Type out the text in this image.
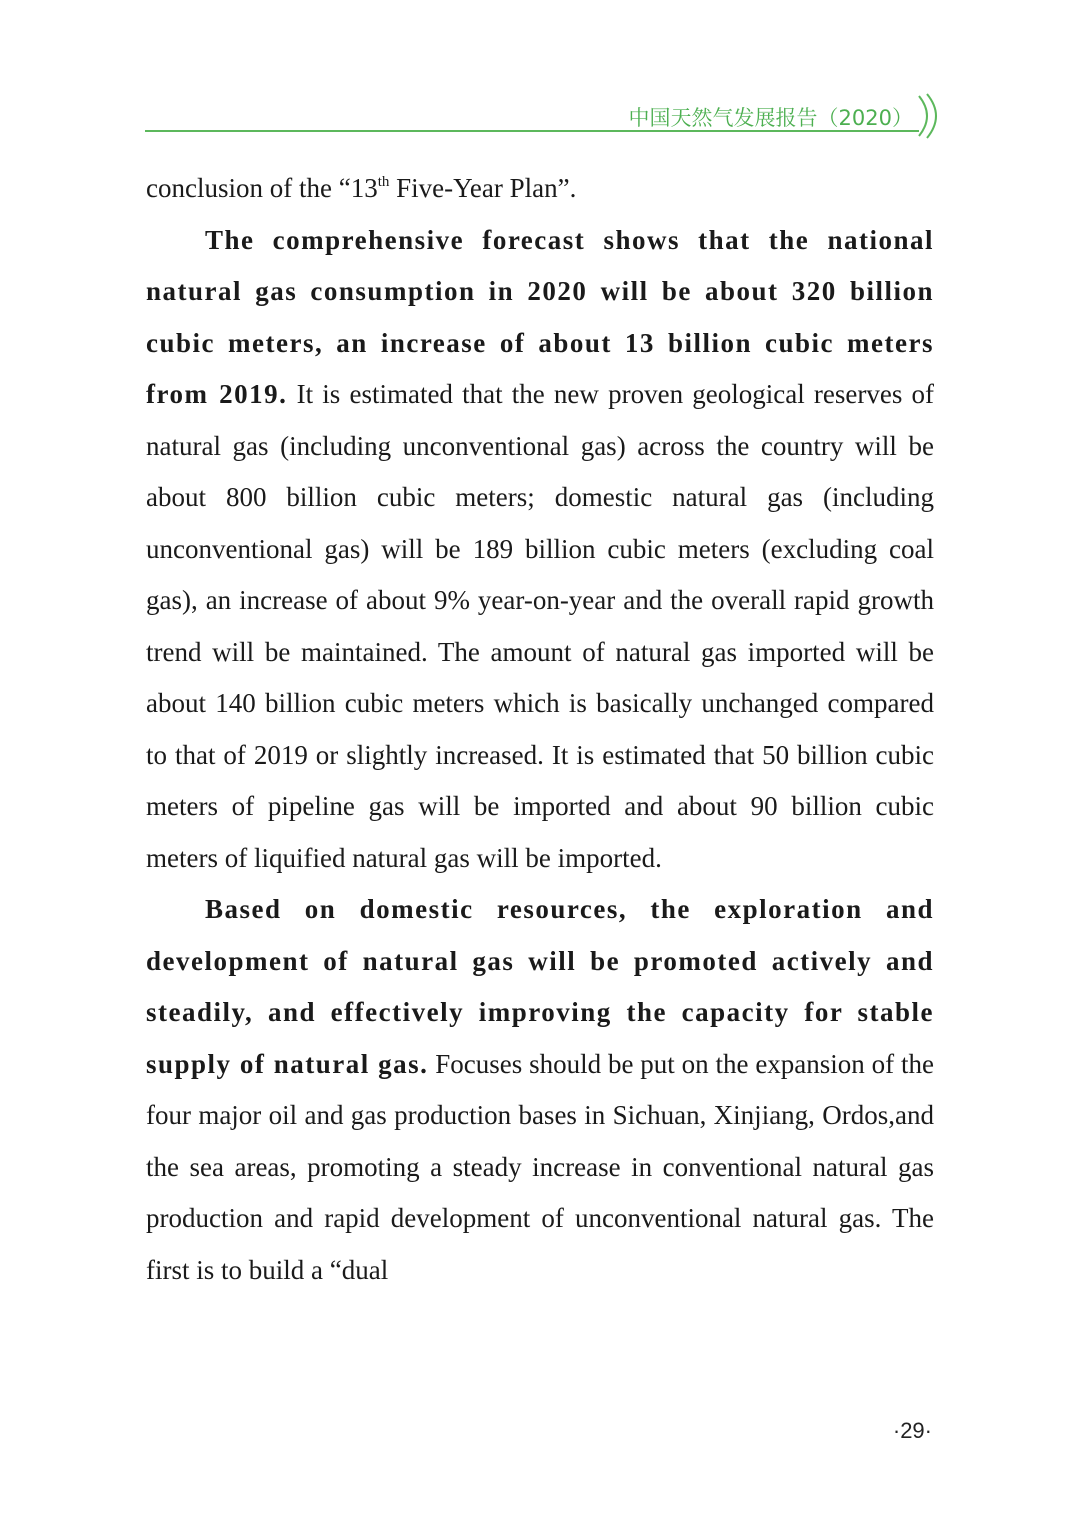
中国天然气发展报告（2020）

conclusion of the “13th Five-Year Plan”.

The comprehensive forecast shows that the national natural gas consumption in 2020 will be about 320 billion cubic meters, an increase of about 13 billion cubic meters from 2019. It is estimated that the new proven geological reserves of natural gas (including unconventional gas) across the country will be about 800 billion cubic meters; domestic natural gas (including unconventional gas) will be 189 billion cubic meters (excluding coal gas), an increase of about 9% year-on-year and the overall rapid growth trend will be maintained. The amount of natural gas imported will be about 140 billion cubic meters which is basically unchanged compared to that of 2019 or slightly increased. It is estimated that 50 billion cubic meters of pipeline gas will be imported and about 90 billion cubic meters of liquified natural gas will be imported.

Based on domestic resources, the exploration and development of natural gas will be promoted actively and steadily, and effectively improving the capacity for stable supply of natural gas. Focuses should be put on the expansion of the four major oil and gas production bases in Sichuan, Xinjiang, Ordos,and the sea areas, promoting a steady increase in conventional natural gas production and rapid development of unconventional natural gas. The first is to build a “dual

·29·
